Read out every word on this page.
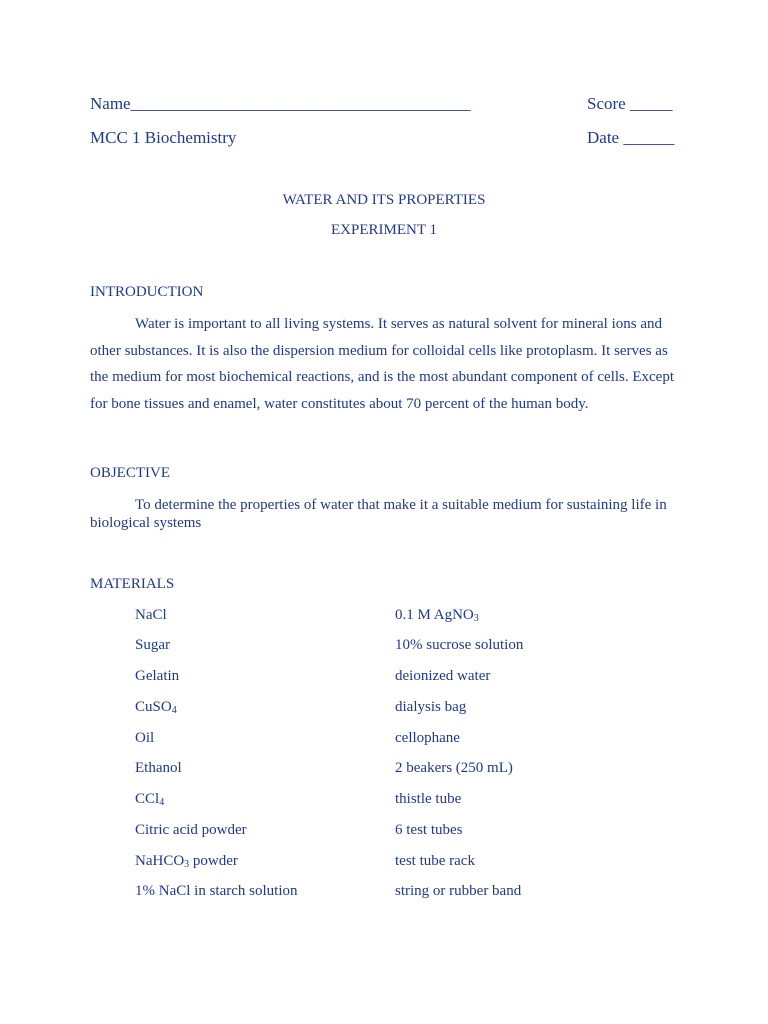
Name________________________________________	Score _____
MCC 1 Biochemistry	Date ______
WATER AND ITS PROPERTIES
EXPERIMENT 1
INTRODUCTION
Water is important to all living systems. It serves as natural solvent for mineral ions and other substances. It is also the dispersion medium for colloidal cells like protoplasm. It serves as the medium for most biochemical reactions, and is the most abundant component of cells. Except for bone tissues and enamel, water constitutes about 70 percent of the human body.
OBJECTIVE
To determine the properties of water that make it a suitable medium for sustaining life in biological systems
MATERIALS
NaCl
Sugar
Gelatin
CuSO$_4$
Oil
Ethanol
CCl$_4$
Citric acid powder
NaHCO$_3$ powder
1% NaCl in starch solution
0.1 M AgNO$_3$
10% sucrose solution
deionized water
dialysis bag
cellophane
2 beakers (250 mL)
thistle tube
6 test tubes
test tube rack
string or rubber band
